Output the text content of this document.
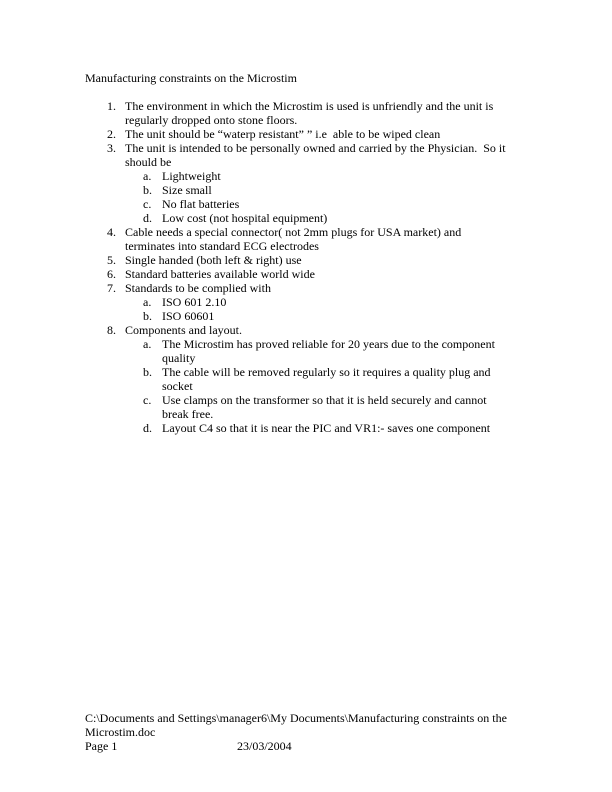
Manufacturing constraints on the Microstim
1. The environment in which the Microstim is used is unfriendly and the unit is regularly dropped onto stone floors.
2. The unit should be “waterp resistant” ” i.e  able to be wiped clean
3. The unit is intended to be personally owned and carried by the Physician.  So it should be
a. Lightweight
b. Size small
c. No flat batteries
d. Low cost (not hospital equipment)
4. Cable needs a special connector( not 2mm plugs for USA market) and terminates into standard ECG electrodes
5. Single handed (both left & right) use
6. Standard batteries available world wide
7. Standards to be complied with
a. ISO 601 2.10
b. ISO 60601
8. Components and layout.
a. The Microstim has proved reliable for 20 years due to the component quality
b. The cable will be removed regularly so it requires a quality plug and socket
c. Use clamps on the transformer so that it is held securely and cannot break free.
d. Layout C4 so that it is near the PIC and VR1:- saves one component
C:\Documents and Settings\manager6\My Documents\Manufacturing constraints on the Microstim.doc
Page 1	23/03/2004
